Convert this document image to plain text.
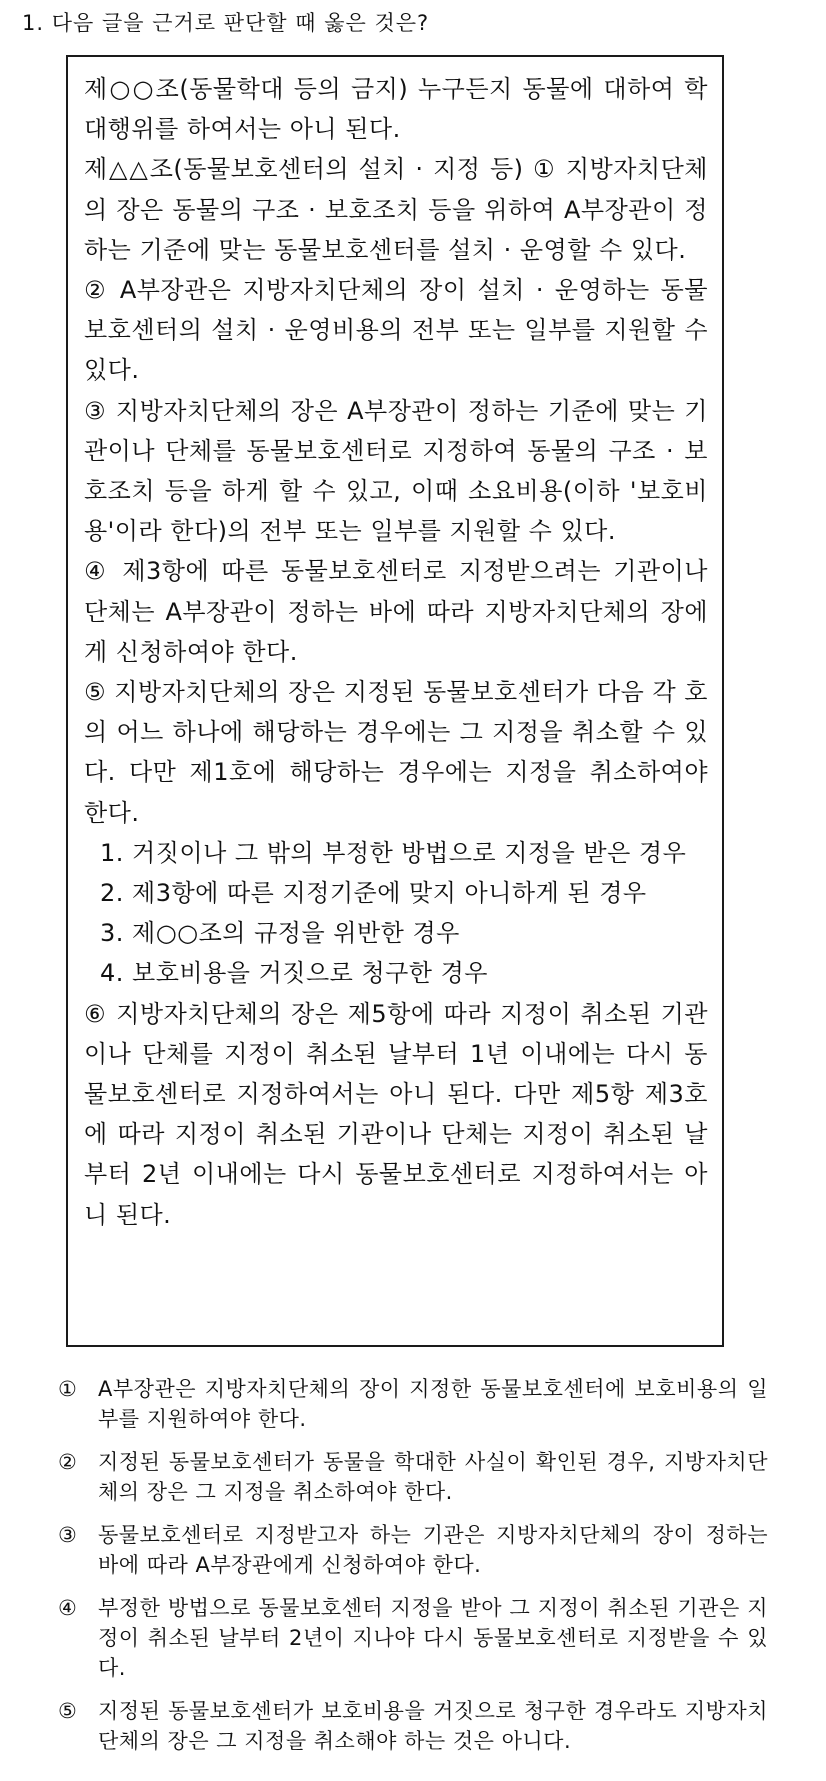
1. 다음 글을 근거로 판단할 때 옳은 것은?

제○○조(동물학대 등의 금지) 누구든지 동물에 대하여 학대행위를 하여서는 아니 된다.

제△△조(동물보호센터의 설치 · 지정 등) ① 지방자치단체의 장은 동물의 구조 · 보호조치 등을 위하여 A부장관이 정하는 기준에 맞는 동물보호센터를 설치 · 운영할 수 있다.

② A부장관은 지방자치단체의 장이 설치 · 운영하는 동물보호센터의 설치 · 운영비용의 전부 또는 일부를 지원할 수 있다.

③ 지방자치단체의 장은 A부장관이 정하는 기준에 맞는 기관이나 단체를 동물보호센터로 지정하여 동물의 구조 · 보호조치 등을 하게 할 수 있고, 이때 소요비용(이하 '보호비용'이라 한다)의 전부 또는 일부를 지원할 수 있다.

④ 제3항에 따른 동물보호센터로 지정받으려는 기관이나 단체는 A부장관이 정하는 바에 따라 지방자치단체의 장에게 신청하여야 한다.

⑤ 지방자치단체의 장은 지정된 동물보호센터가 다음 각 호의 어느 하나에 해당하는 경우에는 그 지정을 취소할 수 있다. 다만 제1호에 해당하는 경우에는 지정을 취소하여야 한다.

1. 거짓이나 그 밖의 부정한 방법으로 지정을 받은 경우

2. 제3항에 따른 지정기준에 맞지 아니하게 된 경우

3. 제○○조의 규정을 위반한 경우

4. 보호비용을 거짓으로 청구한 경우

⑥ 지방자치단체의 장은 제5항에 따라 지정이 취소된 기관이나 단체를 지정이 취소된 날부터 1년 이내에는 다시 동물보호센터로 지정하여서는 아니 된다. 다만 제5항 제3호에 따라 지정이 취소된 기관이나 단체는 지정이 취소된 날부터 2년 이내에는 다시 동물보호센터로 지정하여서는 아니 된다.

① A부장관은 지방자치단체의 장이 지정한 동물보호센터에 보호비용의 일부를 지원하여야 한다.
② 지정된 동물보호센터가 동물을 학대한 사실이 확인된 경우, 지방자치단체의 장은 그 지정을 취소하여야 한다.
③ 동물보호센터로 지정받고자 하는 기관은 지방자치단체의 장이 정하는 바에 따라 A부장관에게 신청하여야 한다.
④ 부정한 방법으로 동물보호센터 지정을 받아 그 지정이 취소된 기관은 지정이 취소된 날부터 2년이 지나야 다시 동물보호센터로 지정받을 수 있다.
⑤ 지정된 동물보호센터가 보호비용을 거짓으로 청구한 경우라도 지방자치단체의 장은 그 지정을 취소해야 하는 것은 아니다.
